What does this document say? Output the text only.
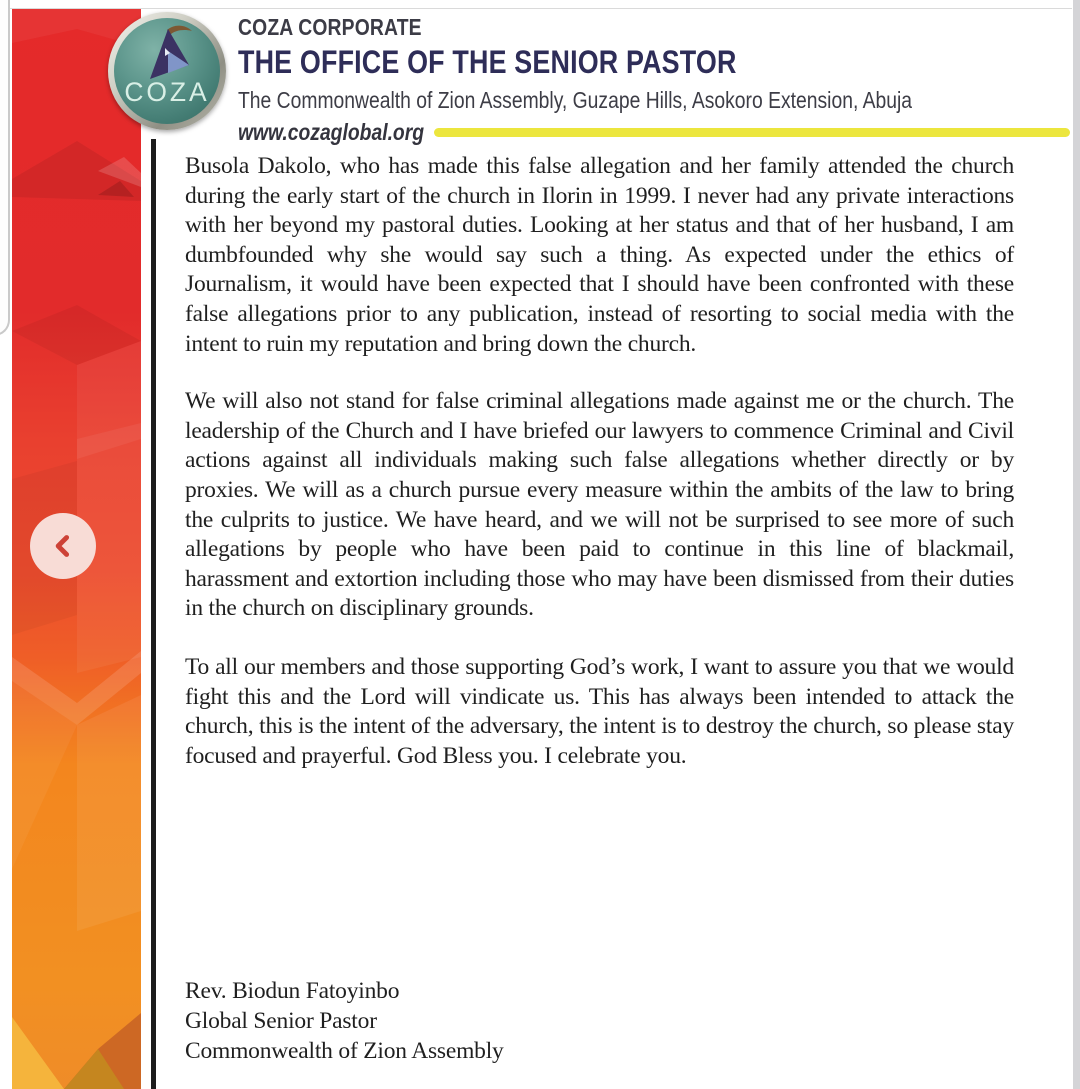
COZA
COZA CORPORATE
THE OFFICE OF THE SENIOR PASTOR
The Commonwealth of Zion Assembly, Guzape Hills, Asokoro Extension, Abuja
www.cozaglobal.org

Busola Dakolo, who has made this false allegation and her family attended the church during the early start of the church in Ilorin in 1999. I never had any private interactions with her beyond my pastoral duties. Looking at her status and that of her husband, I am dumbfounded why she would say such a thing. As expected under the ethics of Journalism, it would have been expected that I should have been confronted with these false allegations prior to any publication, instead of resorting to social media with the intent to ruin my reputation and bring down the church.

We will also not stand for false criminal allegations made against me or the church. The leadership of the Church and I have briefed our lawyers to commence Criminal and Civil actions against all individuals making such false allegations whether directly or by proxies. We will as a church pursue every measure within the ambits of the law to bring the culprits to justice. We have heard, and we will not be surprised to see more of such allegations by people who have been paid to continue in this line of blackmail, harassment and extortion including those who may have been dismissed from their duties in the church on disciplinary grounds.

To all our members and those supporting God’s work, I want to assure you that we would fight this and the Lord will vindicate us. This has always been intended to attack the church, this is the intent of the adversary, the intent is to destroy the church, so please stay focused and prayerful. God Bless you. I celebrate you.

Rev. Biodun Fatoyinbo
Global Senior Pastor
Commonwealth of Zion Assembly
